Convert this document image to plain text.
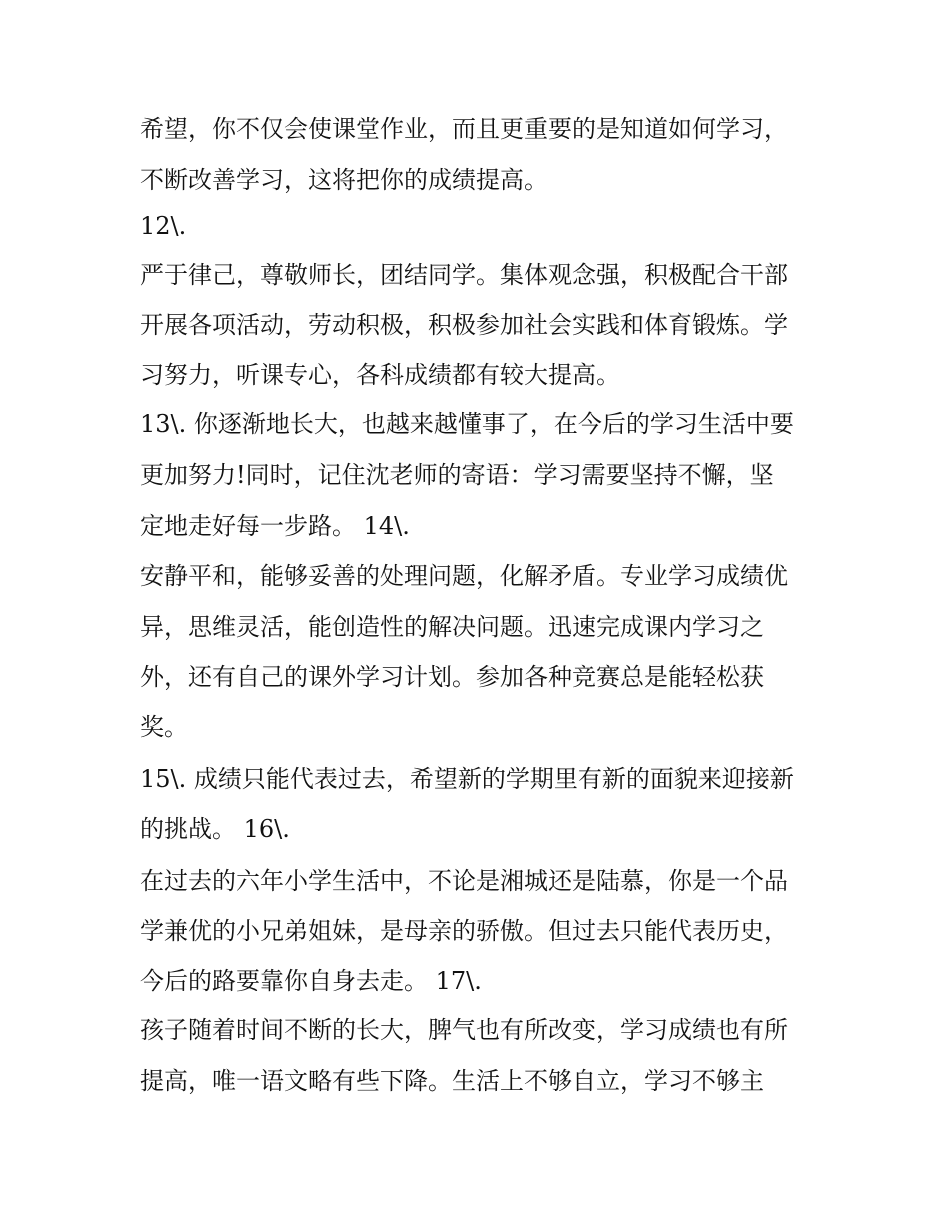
希望，你不仅会使课堂作业，而且更重要的是知道如何学习，
不断改善学习，这将把你的成绩提高。
12\.
严于律己，尊敬师长，团结同学。集体观念强，积极配合干部
开展各项活动，劳动积极，积极参加社会实践和体育锻炼。学
习努力，听课专心，各科成绩都有较大提高。
13\. 你逐渐地长大，也越来越懂事了，在今后的学习生活中要
更加努力!同时，记住沈老师的寄语：学习需要坚持不懈，坚
定地走好每一步路。 14\.
安静平和，能够妥善的处理问题，化解矛盾。专业学习成绩优
异，思维灵活，能创造性的解决问题。迅速完成课内学习之
外，还有自己的课外学习计划。参加各种竞赛总是能轻松获
奖。
15\. 成绩只能代表过去，希望新的学期里有新的面貌来迎接新
的挑战。 16\.
在过去的六年小学生活中，不论是湘城还是陆慕，你是一个品
学兼优的小兄弟姐妹，是母亲的骄傲。但过去只能代表历史，
今后的路要靠你自身去走。 17\.
孩子随着时间不断的长大，脾气也有所改变，学习成绩也有所
提高，唯一语文略有些下降。生活上不够自立，学习不够主
